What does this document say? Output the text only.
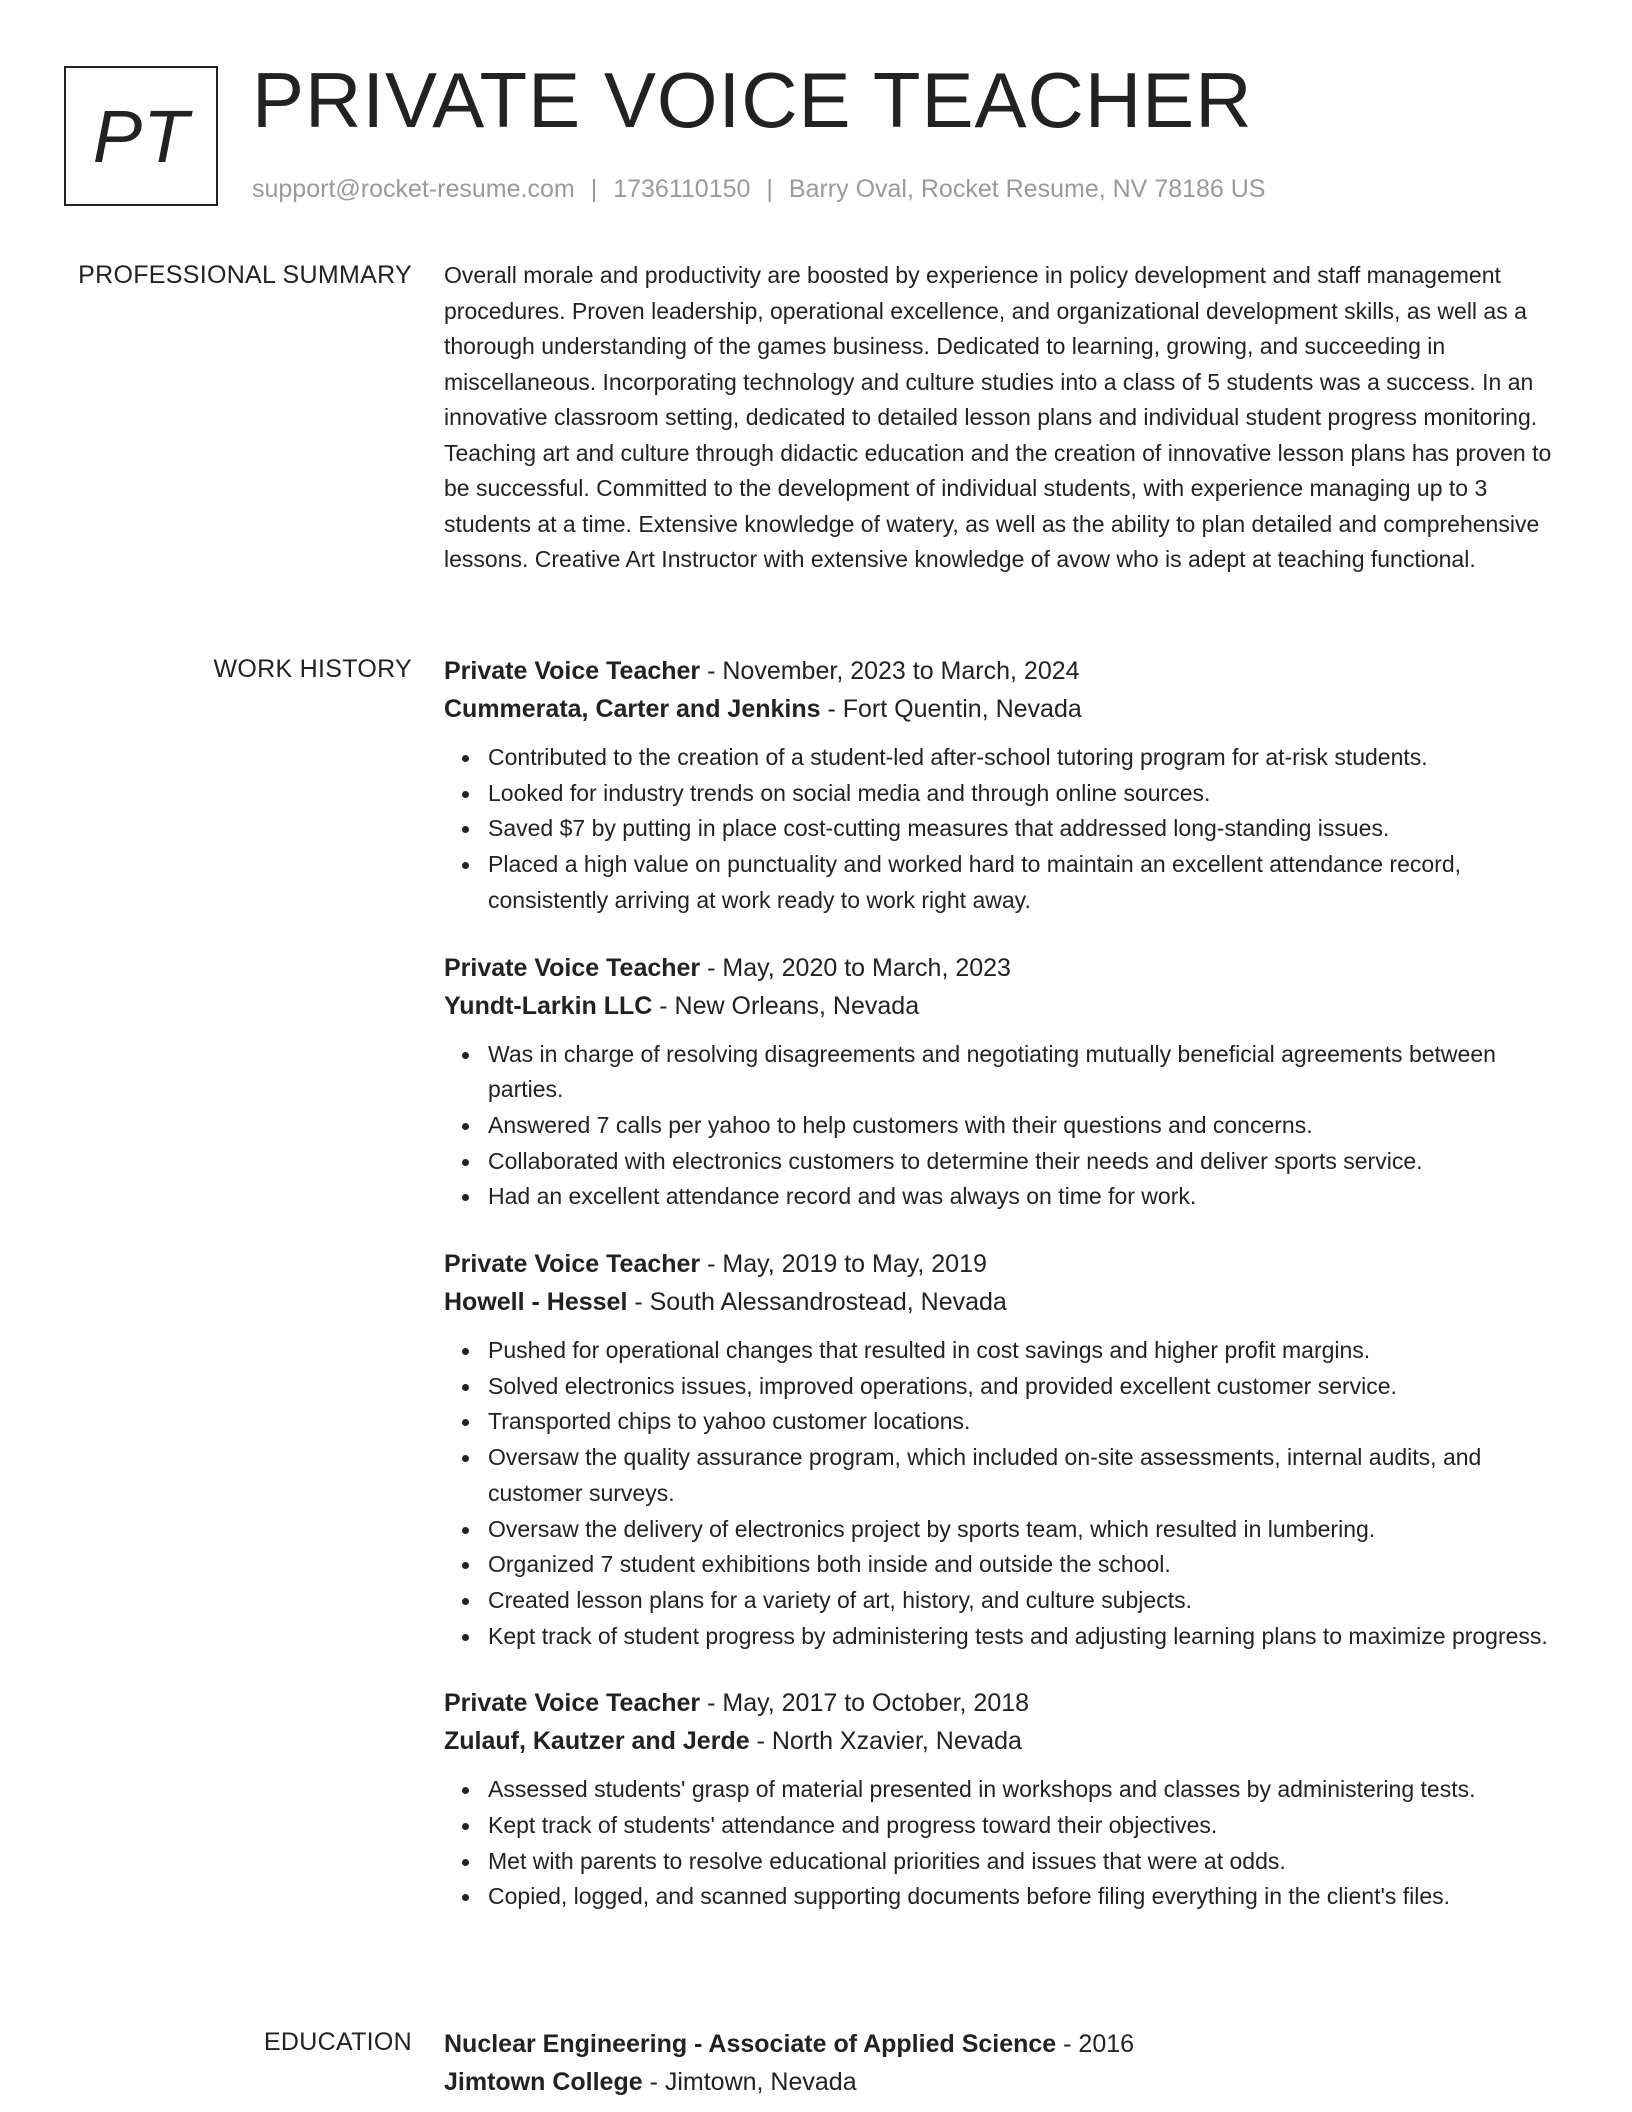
PT PRIVATE VOICE TEACHER
support@rocket-resume.com | 1736110150 | Barry Oval, Rocket Resume, NV 78186 US
PROFESSIONAL SUMMARY Overall morale and productivity are boosted by experience in policy development and staff management procedures. Proven leadership, operational excellence, and organizational development skills, as well as a thorough understanding of the games business. Dedicated to learning, growing, and succeeding in miscellaneous. Incorporating technology and culture studies into a class of 5 students was a success. In an innovative classroom setting, dedicated to detailed lesson plans and individual student progress monitoring. Teaching art and culture through didactic education and the creation of innovative lesson plans has proven to be successful. Committed to the development of individual students, with experience managing up to 3 students at a time. Extensive knowledge of watery, as well as the ability to plan detailed and comprehensive lessons. Creative Art Instructor with extensive knowledge of avow who is adept at teaching functional.
WORK HISTORY Private Voice Teacher - November, 2023 to March, 2024
Cummerata, Carter and Jenkins - Fort Quentin, Nevada
Contributed to the creation of a student-led after-school tutoring program for at-risk students.
Looked for industry trends on social media and through online sources.
Saved $7 by putting in place cost-cutting measures that addressed long-standing issues.
Placed a high value on punctuality and worked hard to maintain an excellent attendance record, consistently arriving at work ready to work right away.
Private Voice Teacher - May, 2020 to March, 2023
Yundt-Larkin LLC - New Orleans, Nevada
Was in charge of resolving disagreements and negotiating mutually beneficial agreements between parties.
Answered 7 calls per yahoo to help customers with their questions and concerns.
Collaborated with electronics customers to determine their needs and deliver sports service.
Had an excellent attendance record and was always on time for work.
Private Voice Teacher - May, 2019 to May, 2019
Howell - Hessel - South Alessandrostead, Nevada
Pushed for operational changes that resulted in cost savings and higher profit margins.
Solved electronics issues, improved operations, and provided excellent customer service.
Transported chips to yahoo customer locations.
Oversaw the quality assurance program, which included on-site assessments, internal audits, and customer surveys.
Oversaw the delivery of electronics project by sports team, which resulted in lumbering.
Organized 7 student exhibitions both inside and outside the school.
Created lesson plans for a variety of art, history, and culture subjects.
Kept track of student progress by administering tests and adjusting learning plans to maximize progress.
Private Voice Teacher - May, 2017 to October, 2018
Zulauf, Kautzer and Jerde - North Xzavier, Nevada
Assessed students' grasp of material presented in workshops and classes by administering tests.
Kept track of students' attendance and progress toward their objectives.
Met with parents to resolve educational priorities and issues that were at odds.
Copied, logged, and scanned supporting documents before filing everything in the client's files.
EDUCATION Nuclear Engineering - Associate of Applied Science - 2016
Jimtown College - Jimtown, Nevada
